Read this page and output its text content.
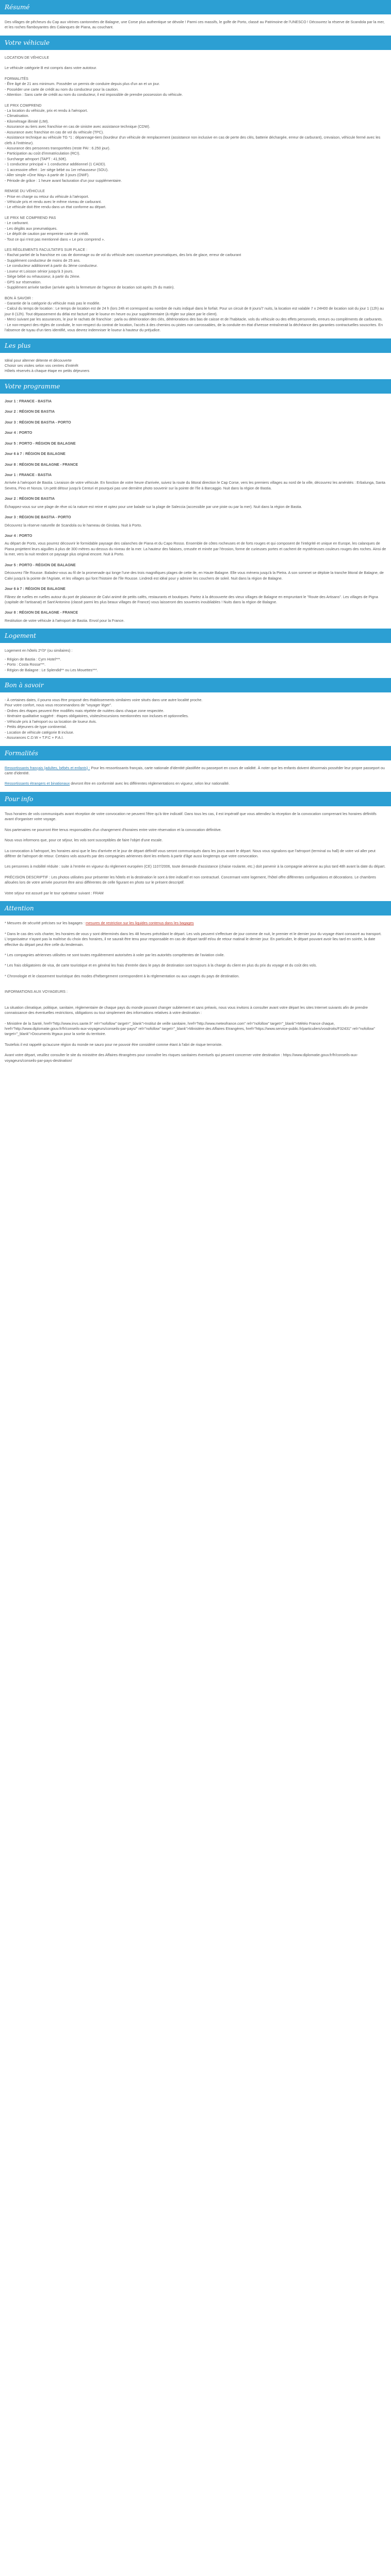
Résumé

Des villages de pêcheurs du Cap aux vitrines cantonnées de Balagne, une Corse plus authentique se dévoile ! Parmi ces massifs, le golfe de Porto, classé au Patrimoine de l'UNESCO ! Découvrez la réserve de Scandola par la mer, et les roches flamboyantes des Calanques de Piana, au couchant.

Votre véhicule

LOCATION DE VÉHICULE

Le véhicule catégorie B est compris dans votre autotour.

FORMALITÉS

- Être âgé de 21 ans minimum. Posséder un permis de conduire depuis plus d'un an et un jour.

- Posséder une carte de crédit au nom du conducteur pour la caution.

- Attention : Sans carte de crédit au nom du conducteur, il est impossible de prendre possession du véhicule.

LE PRIX COMPREND

- La location du véhicule, prix et rendu à l'aéroport.

- Climatisation.

- Kilométrage illimité (LIM).

- Assurance au tiers avec franchise en cas de sinistre avec assistance technique (CDW).

- Assurance avec franchise en cas de vol du véhicule (TPC).

- Assistance technique au véhicule TG *1 : dépannage-tiers (lourdeur d'un véhicule de remplacement (assistance non inclusive en cas de perte des clés, batterie déchargée, erreur de carburant), crevaison, véhicule fermé avec les clefs à l'intérieur).

- Assurance des personnes transportées (reste PAI : 6.250 jour).

- Participation au coût d'immatriculation (RCI).

- Surcharge aéroport (TAPT : 41,50€).

- 1 conducteur principal + 1 conducteur additionnel (1 CADD).

- 1 accessoire offert : 1er siège bébé ou 1er rehausseur (SOU).

- Aller simple «One Way» à partir de 3 jours (OWF).

- Période de grâce : 1 heure avant facturation d'un jour supplémentaire.

REMISE DU VÉHICULE

- Prise en charge ou retour du véhicule à l'aéroport.

- Véhicule pris et rendu avec le même niveau de carburant.

- Le véhicule doit être rendu dans un état conforme au départ.

LE PRIX NE COMPREND PAS

- Le carburant.

- Les dégâts aux pneumatiques.

- Le dépôt de caution par empreinte carte de crédit.

- Tout ce qui n'est pas mentionné dans « Le prix comprend ».

LES RÈGLEMENTS FACULTATIFS SUR PLACE :

- Rachat partiel de la franchise en cas de dommage ou de vol du véhicule avec couverture pneumatiques, des bris de glace, erreur de carburant

- Supplément conducteur de moins de 25 ans.

- Le conducteur additionnel à partir du 3ème conducteur.

- Loueur et Loisson sénior jusqu'à 3 jours.

- Siège bébé ou rehausseur, à partir du 2ème.

- GPS sur réservation.

- Supplément arrivée tardive (arrivée après la fermeture de l'agence de location soit après 2h du matin).

BON À SAVOIR :

- Garantie de la catégorie du véhicule mais pas le modèle.

- Calcul du temps de location : Le temps de location est de 24 h (lors 24h et correspond au nombre de nuits indiqué dans le forfait. Pour un circuit de 8 jours/7 nuits, la location est valable 7 x 24H00 de location soit du jour 1 (12h) au jour 8 (12h). Tout dépassement du délai est facturé par le loueur en heure ou jour supplémentaire (à régler sur place par le client).

- Merci suivant par les assurances, le jour le rachats de franchise : parla ou détérioration des clés, détériorations des bas de caisse et de l'habitacle, vols du véhicule ou des effets personnels, erreurs ou compléments de carburants.

- Le non-respect des règles de conduite, le non-respect du contrat de location, l'accès à des chemins ou pistes non carrossables, de la conduite en état d'ivresse entraînerait la déchéance des garanties contractuelles souscrites. En l'absence de tuyau d'un tiers identifié, vous devrez indemniser le loueur à hauteur du préjudice.

Les plus

Idéal pour alterner détente et découverte

Choisir ses visites selon vos centres d'intérêt

Hôtels réservés à chaque étape en petits déjeuners

Votre programme

Jour 1 : FRANCE - BASTIA

Jour 2 : RÉGION DE BASTIA

Jour 3 : RÉGION DE BASTIA - PORTO

Jour 4 : PORTO

Jour 5 : PORTO - RÉGION DE BALAGNE

Jour 6 à 7 : RÉGION DE BALAGNE

Jour 8 : RÉGION DE BALAGNE - FRANCE

Jour 1 : FRANCE - BASTIA

Arrivée à l'aéroport de Bastia. Livraison de votre véhicule. En fonction de votre heure d'arrivée, suivez la route du littoral direction le Cap Corse, vers les premiers villages au nord de la ville, découvrez les aménités : Erbalunga, Santa Severa, Pino et Nonza. Un petit détour jusqu'à Centuri et pourquoi pas une dernière photo souvenir sur la pointe de l'île à Barcaggio. Nuit dans la région de Bastia.

Jour 2 : RÉGION DE BASTIA

Échappez-vous sur une plage de rêve où la nature est reine et optez pour une balade sur la plage de Saleccia (accessible par une piste ou par la mer). Nuit dans la région de Bastia.

Jour 3 : RÉGION DE BASTIA - PORTO

Découvrez la réserve naturelle de Scandola ou le hameau de Girolata. Nuit à Porto.

Jour 4 : PORTO

Au départ de Porto, vous pourrez découvrir le formidable paysage des calanches de Piana et du Capo Rosso. Ensemble de côtes rocheuses et de forts rouges et qui composent de l'intégrité et unique en Europe, les calanques de Piana projettent leurs aiguilles à plus de 300 mètres au-dessus du niveau de la mer. La hauteur des falaises, creusée et minée par l'érosion, forme de curieuses portes et cachent de mystérieuses couleurs rouges des roches. Ainsi de la mer, vers la nuit rendent ce paysage plus original encore. Nuit à Porto.

Jour 5 : PORTO - RÉGION DE BALAGNE

Découvrez l'île Rousse. Baladez-vous au fil de la promenade qui longe l'une des trois magnifiques plages de cette ile, en Haute Balagne. Elle vous mènera jusqu'à la Pietra. A son sommet se déploie la tranche littoral de Balagne, de Calvi jusqu'à la pointe de l'Agriate, et les villages qui font l'histoire de l'île Rousse. Lindredi est idéal pour y admirer les couchers de soleil. Nuit dans la région de Balagne.

Jour 6 à 7 : RÉGION DE BALAGNE

Flânez de ruelles en ruelles autour du port de plaisance de Calvi animé de petits cafés, restaurants et boutiques. Partez à la découverte des vieux villages de Balagne en empruntant le "Route des Artisans". Les villages de Pigna (capitale de l'artisanat) et Sant'Antonino (classé parmi les plus beaux villages de France) vous laisseront des souvenirs inoubliables ! Nuits dans la région de Balagne.

Jour 8 : RÉGION DE BALAGNE - FRANCE

Restitution de votre véhicule à l'aéroport de Bastia. Envol pour la France.

Logement

Logement en hôtels 2*/3* (ou similaires) :

- Région de Bastia : Cyrn Hotel***.

- Porto : Costa Rossa***.

- Région de Balagne : Le Splendid** ou Les Mouettes***.

Bon à savoir

- À certaines dates, il pourra vous être proposé des établissements similaires voire situés dans une autre localité proche.

Pour votre confort, nous vous recommandons de "voyager léger".

- Ordres des étapes peuvent être modifiés mais répétée de nuitées dans chaque zone respectée.

- Itinéraire qualitative suggéré : étapes obligatoires, visites/excursions mentionnées non incluses et optionnelles.

- Véhicule pris à l'aéroport ou sa location de loueur Avis.

- Petits déjeuners de type continental.

- Location de véhicule catégorie B incluse.

- Assurances C.D.W + T.P.C + P.A.I.

Formalités

Ressortissants français (adultes, bébés et enfants) : Pour les ressortissants français, carte nationale d'identité plastifiée ou passeport en cours de validité. À noter que les enfants doivent désormais posséder leur propre passeport ou carte d'identité.

Ressortissants étrangers et binationaux devront être en conformité avec les différentes réglementations en vigueur, selon leur nationalité.

Pour info

Tous horaires de vols communiqués avant réception de votre convocation ne peuvent l'être qu'à titre indicatif. Dans tous les cas, il est impératif que vous attendiez la réception de la convocation comprenant les horaires définitifs avant d'organiser votre voyage.

Nos partenaires ne pourront être tenus responsables d'un changement d'horaires entre votre réservation et la convocation définitive.

Nous vous informons que, pour ce séjour, les vols sont susceptibles de faire l'objet d'une escale.

La convocation à l'aéroport, les horaires ainsi que le lieu d'arrivée et le jour de départ définitif vous seront communiqués dans les jours avant le départ. Nous vous signalons que l'aéroport (terminal ou hall) de votre vol aller peut différer de l'aéroport de retour. Certains vols assurés par des compagnies aériennes dont les enfants à partir d'âge aussi longtemps que votre convocation.

Les personnes à mobilité réduite : suite à l'entrée en vigueur du règlement européen (CE) 1107/2006, toute demande d'assistance (chaise roulante, etc.) doit parvenir à la compagnie aérienne au plus tard 48h avant la date du départ.

PRÉCISION DESCRIPTIF : Les photos utilisées pour présenter les hôtels et la destination le sont à titre indicatif et non contractuel. Concernant votre logement, l'hôtel offre différentes configurations et décorations. Le chambres allouées lors de votre arrivée pourront être ainsi différentes de celle figurant en photo sur le présent descriptif.

Votre séjour est assuré par le tour opérateur suivant : FRAM

Attention

* Mesures de sécurité précises sur les bagages : mesures de restriction sur les liquides contenus dans les bagages

* Dans le cas des vols charter, les horaires de vous y sont déterminés dans les 48 heures précédant le départ. Les vols peuvent s'effectuer de jour comme de nuit, le premier et le dernier jour du voyage étant consacré au transport. L'organisateur n'ayant pas la maîtrise du choix des horaires, il ne saurait être tenu pour responsable en cas de départ tardif et/ou de retour matinal le dernier jour. En particulier, le départ pouvant avoir lieu tard en soirée, la date effective du départ peut être celle du lendemain.

* Les compagnies aériennes utilisées ne sont toutes regulièrement autorisées à voler par les autorités compétentes de l'aviation civile.

* Les frais obligatoires de visa, de carte touristique et en général les frais d'entrée dans le pays de destination sont toujours à la charge du client en plus du prix du voyage et du coût des vols.

* Chronologie et le classement touristique des modes d'hébergement correspondent à la réglementation ou aux usages du pays de destination.

INFORMATIONS AUX VOYAGEURS :

La situation climatique, politique, sanitaire, réglementaire de chaque pays du monde pouvant changer subitement et sans préavis, nous vous invitons à consulter avant votre départ les sites Internet suivants afin de prendre connaissance des éventuelles restrictions, obligations ou tout simplement des informations relatives à votre destination :

- Ministère de la Santé, href="http://www.invs.sante.fr" rel="nofollow" target="_blank">Institut de veille sanitaire, href="http://www.meteofrance.com" rel="nofollow" target="_blank">Météo France chaque, href="http://www.diplomatie.gouv.fr/fr/conseils-aux-voyageurs/conseils-par-pays/" rel="nofollow" target="_blank">Ministère des Affaires Etrangères, href="https://www.service-public.fr/particuliers/vosdroits/F32431" rel="nofollow" target="_blank">Documents légaux pour la sortie du territoire.

Toutefois il est rappelé qu'aucune région du monde ne sauro pour ne pouvoir être considéré comme étant à l'abri de risque terroriste.

Avant votre départ, veuillez consulter le site du ministère des Affaires étrangères pour connaître les risques sanitaires éventuels qui peuvent concerner votre destination : https://www.diplomatie.gouv.fr/fr/conseils-aux-voyageurs/conseils-par-pays-destination/
